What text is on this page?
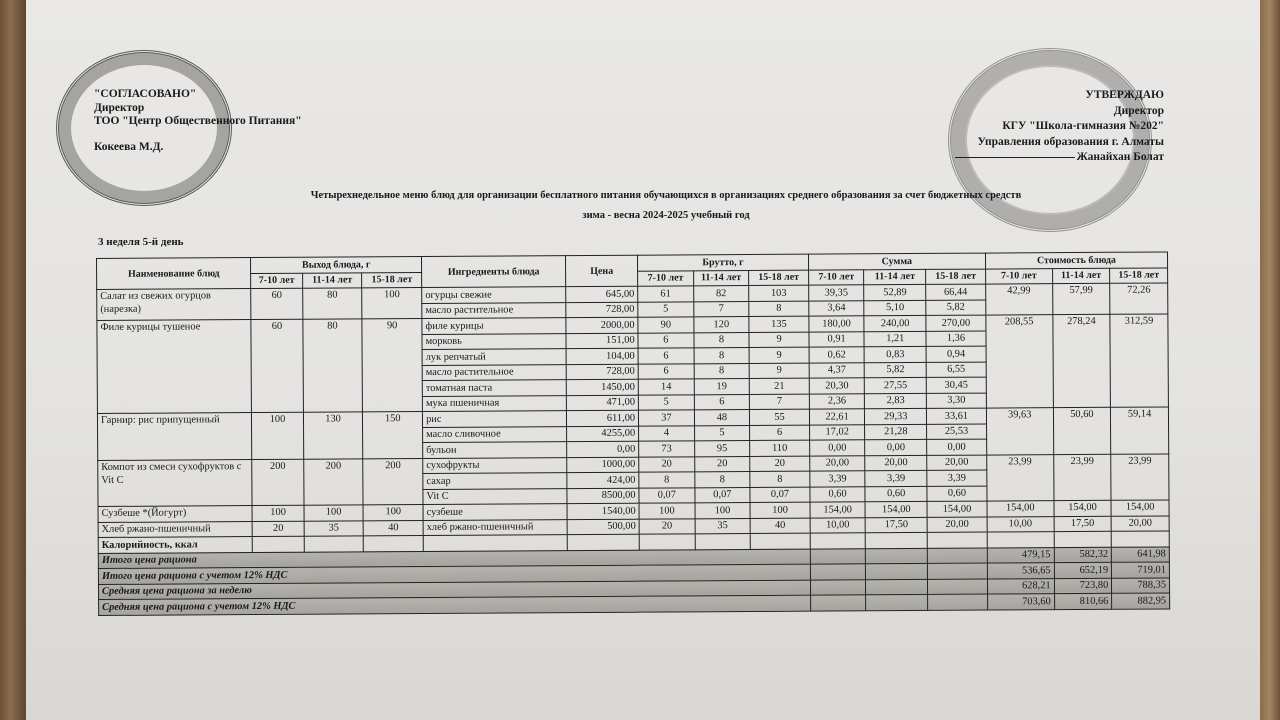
"СОГЛАСОВАНО"
Директор
ТОО "Центр Общественного Питания"
Кокеева М.Д.
УТВЕРЖДАЮ
Директор
КГУ "Школа-гимназия №202"
Управления образования г. Алматы
Жанайхан Болат
Четырехнедельное меню блюд для организации бесплатного питания обучающихся в организациях среднего образования за счет бюджетных средств
зима - весна 2024-2025 учебный год
3 неделя 5-й день
Наименование блюд	Выход блюда, г			Ингредиенты блюда	Цена	Брутто, г			Сумма			Стоимость блюда		
	7-10 лет	11-14 лет	15-18 лет			7-10 лет	11-14 лет	15-18 лет	7-10 лет	11-14 лет	15-18 лет	7-10 лет	11-14 лет	15-18 лет
Салат из свежих огурцов (нарезка)	60	80	100	огурцы свежие	645,00	61	82	103	39,35	52,89	66,44	42,99	57,99	72,26
				масло растительное	728,00	5	7	8	3,64	5,10	5,82			
Филе курицы тушеное	60	80	90	филе курицы	2000,00	90	120	135	180,00	240,00	270,00	208,55	278,24	312,59
				морковь	151,00	6	8	9	0,91	1,21	1,36			
				лук репчатый	104,00	6	8	9	0,62	0,83	0,94			
				масло растительное	728,00	6	8	9	4,37	5,82	6,55			
				томатная паста	1450,00	14	19	21	20,30	27,55	30,45			
				мука пшеничная	471,00	5	6	7	2,36	2,83	3,30			
Гарнир: рис припущенный	100	130	150	рис	611,00	37	48	55	22,61	29,33	33,61	39,63	50,60	59,14
				масло сливочное	4255,00	4	5	6	17,02	21,28	25,53			
				бульон	0,00	73	95	110	0,00	0,00	0,00			
Компот из смеси сухофруктов с Vit C	200	200	200	сухофрукты	1000,00	20	20	20	20,00	20,00	20,00	23,99	23,99	23,99
				сахар	424,00	8	8	8	3,39	3,39	3,39			
				Vit C	8500,00	0,07	0,07	0,07	0,60	0,60	0,60			
Сузбеше *(Йогурт)	100	100	100	сузбеше	1540,00	100	100	100	154,00	154,00	154,00	154,00	154,00	154,00
Хлеб ржано-пшеничный	20	35	40	хлеб ржано-пшеничный	500,00	20	35	40	10,00	17,50	20,00	10,00	17,50	20,00
Калорийность, ккал														
Итого цена рациона												479,15	582,32	641,98
Итого цена рациона с учетом 12% НДС												536,65	652,19	719,01
Средняя цена рациона за неделю												628,21	723,80	788,35
Средняя цена рациона с учетом 12% НДС												703,60	810,66	882,95
